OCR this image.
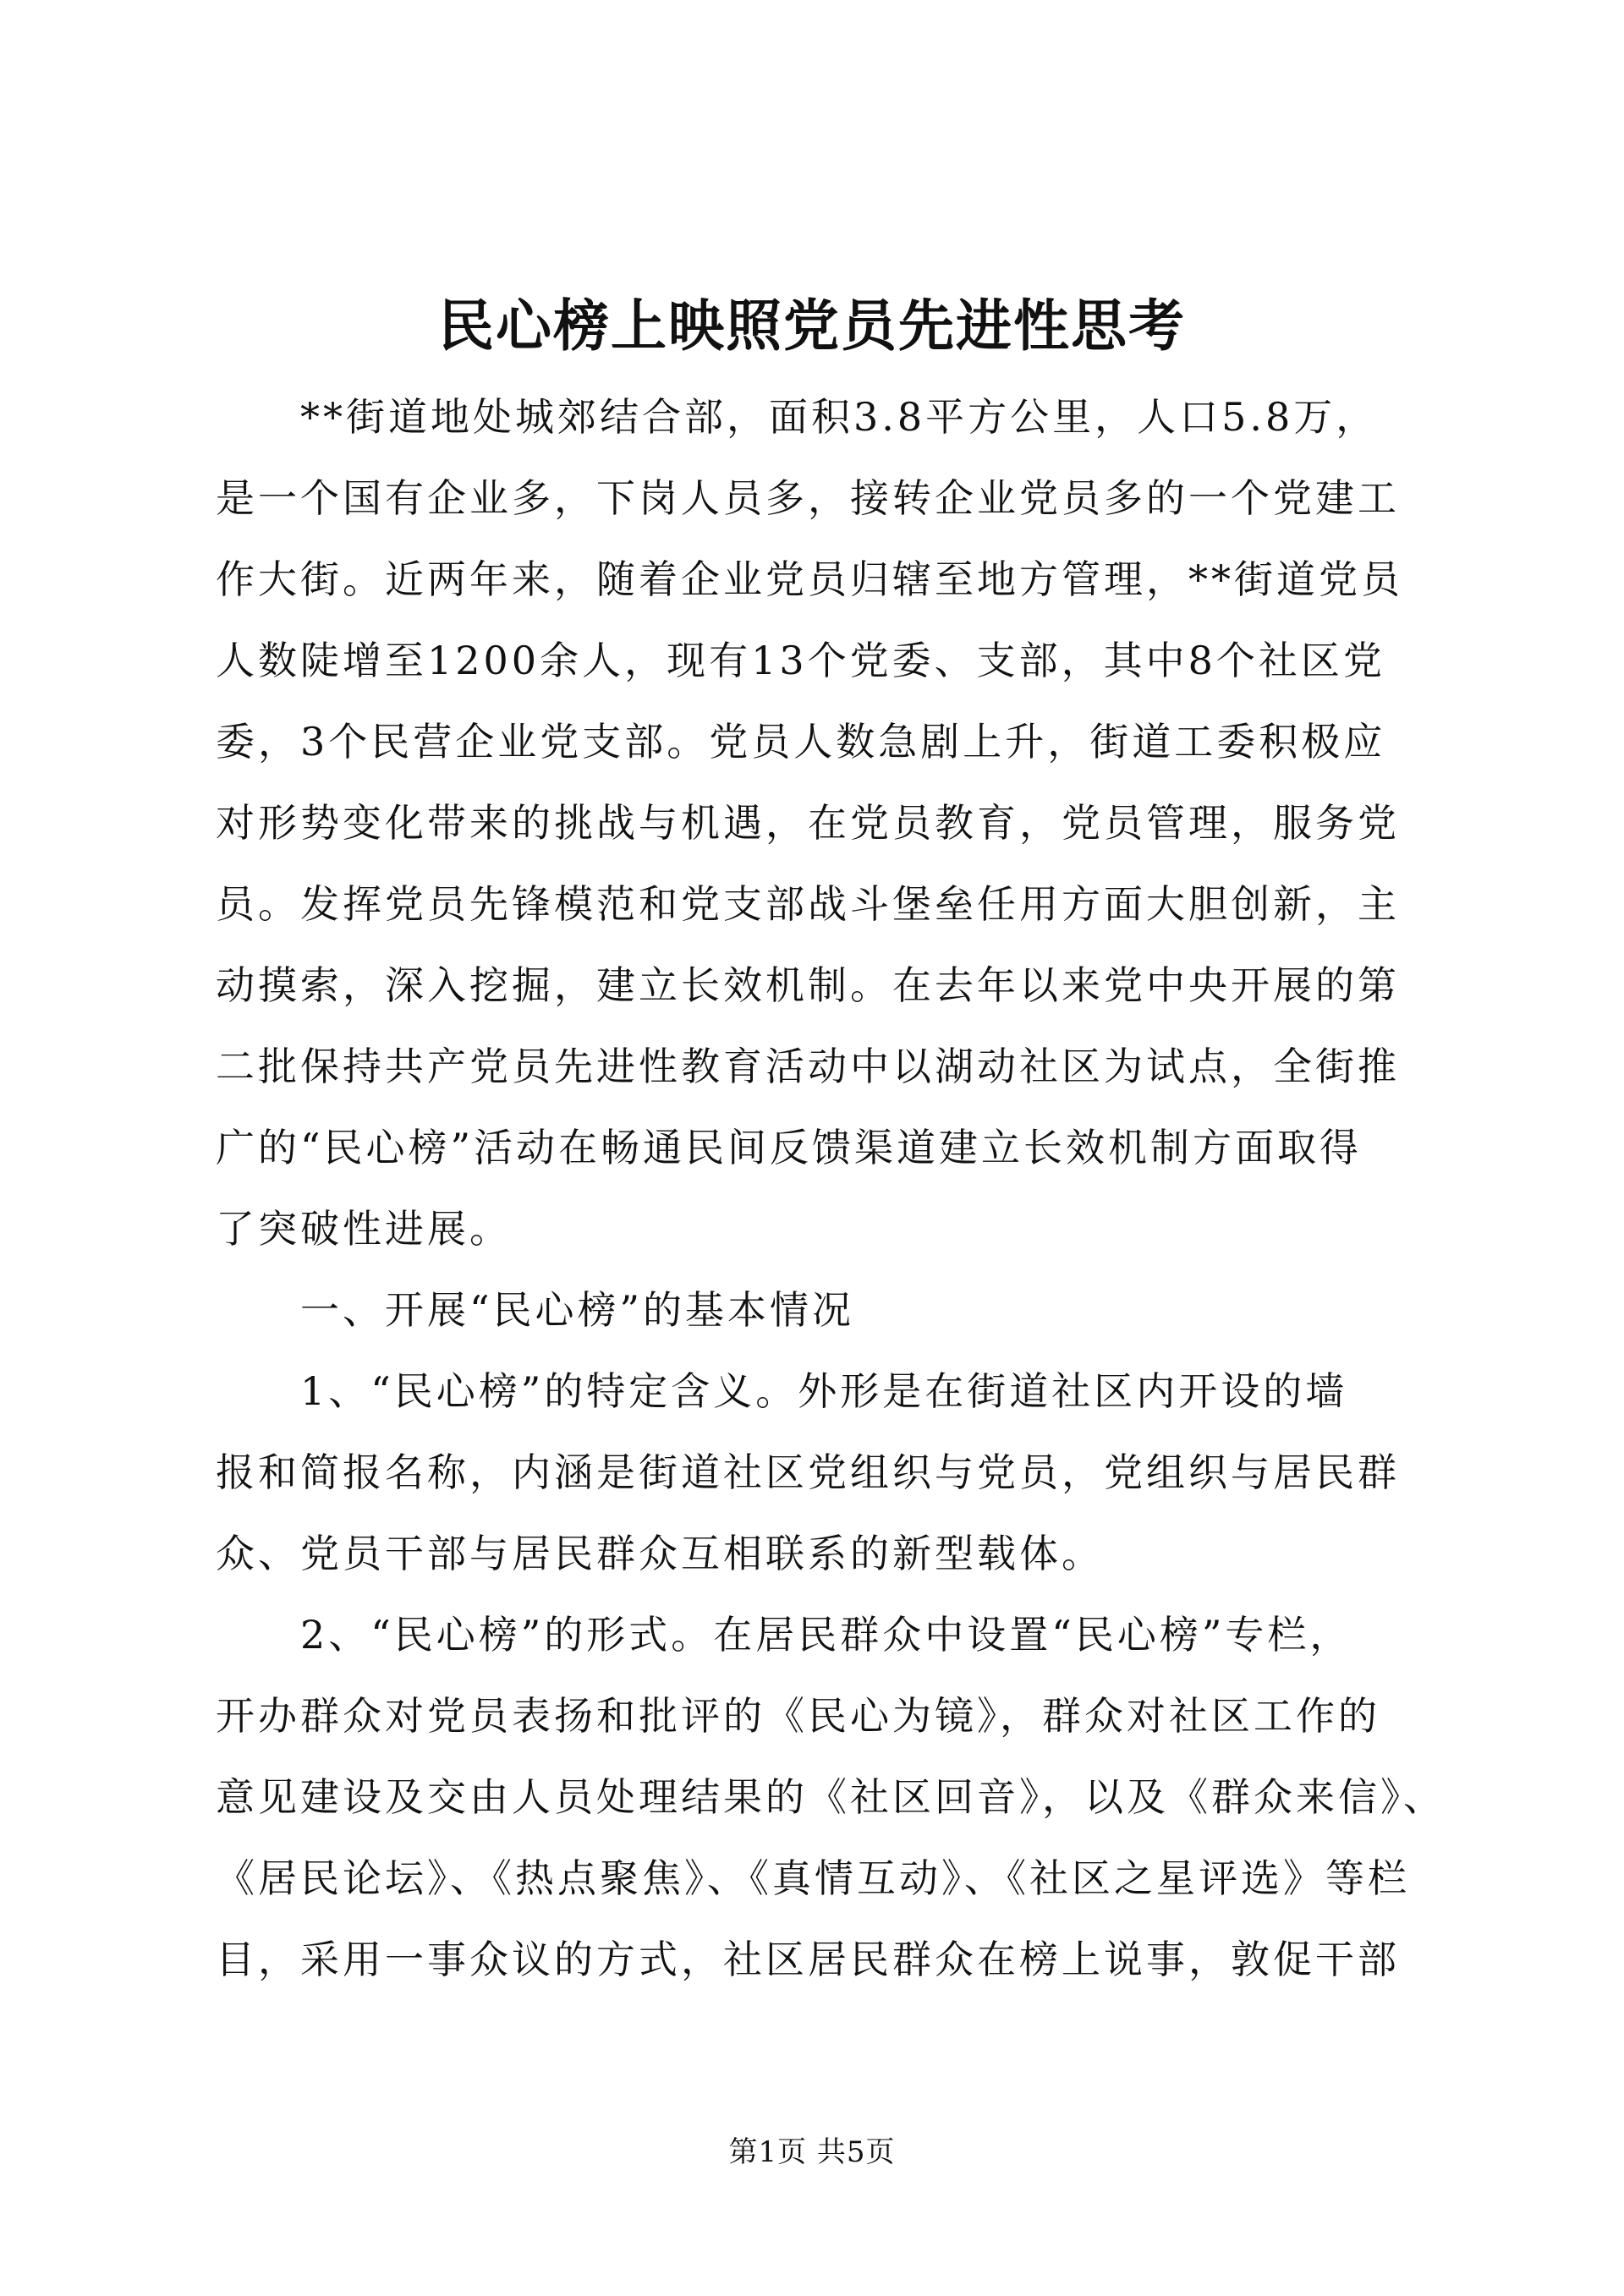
民心榜上映照党员先进性思考
**街道地处城郊结合部，面积3.8平方公里，人口5.8万，
是一个国有企业多，下岗人员多，接转企业党员多的一个党建工
作大街。近两年来，随着企业党员归辖至地方管理，**街道党员
人数陡增至1200余人，现有13个党委、支部，其中8个社区党
委，3个民营企业党支部。党员人数急剧上升，街道工委积极应
对形势变化带来的挑战与机遇，在党员教育，党员管理，服务党
员。发挥党员先锋模范和党支部战斗堡垒任用方面大胆创新，主
动摸索，深入挖掘，建立长效机制。在去年以来党中央开展的第
二批保持共产党员先进性教育活动中以湖动社区为试点，全街推
广的“民心榜”活动在畅通民间反馈渠道建立长效机制方面取得
了突破性进展。
一、开展“民心榜”的基本情况
1、“民心榜”的特定含义。外形是在街道社区内开设的墙
报和简报名称，内涵是街道社区党组织与党员，党组织与居民群
众、党员干部与居民群众互相联系的新型载体。
2、“民心榜”的形式。在居民群众中设置“民心榜”专栏，
开办群众对党员表扬和批评的《民心为镜》，群众对社区工作的
意见建设及交由人员处理结果的《社区回音》，以及《群众来信》、
《居民论坛》、《热点聚焦》、《真情互动》、《社区之星评选》等栏
目，采用一事众议的方式，社区居民群众在榜上说事，敦促干部
第1页 共5页
